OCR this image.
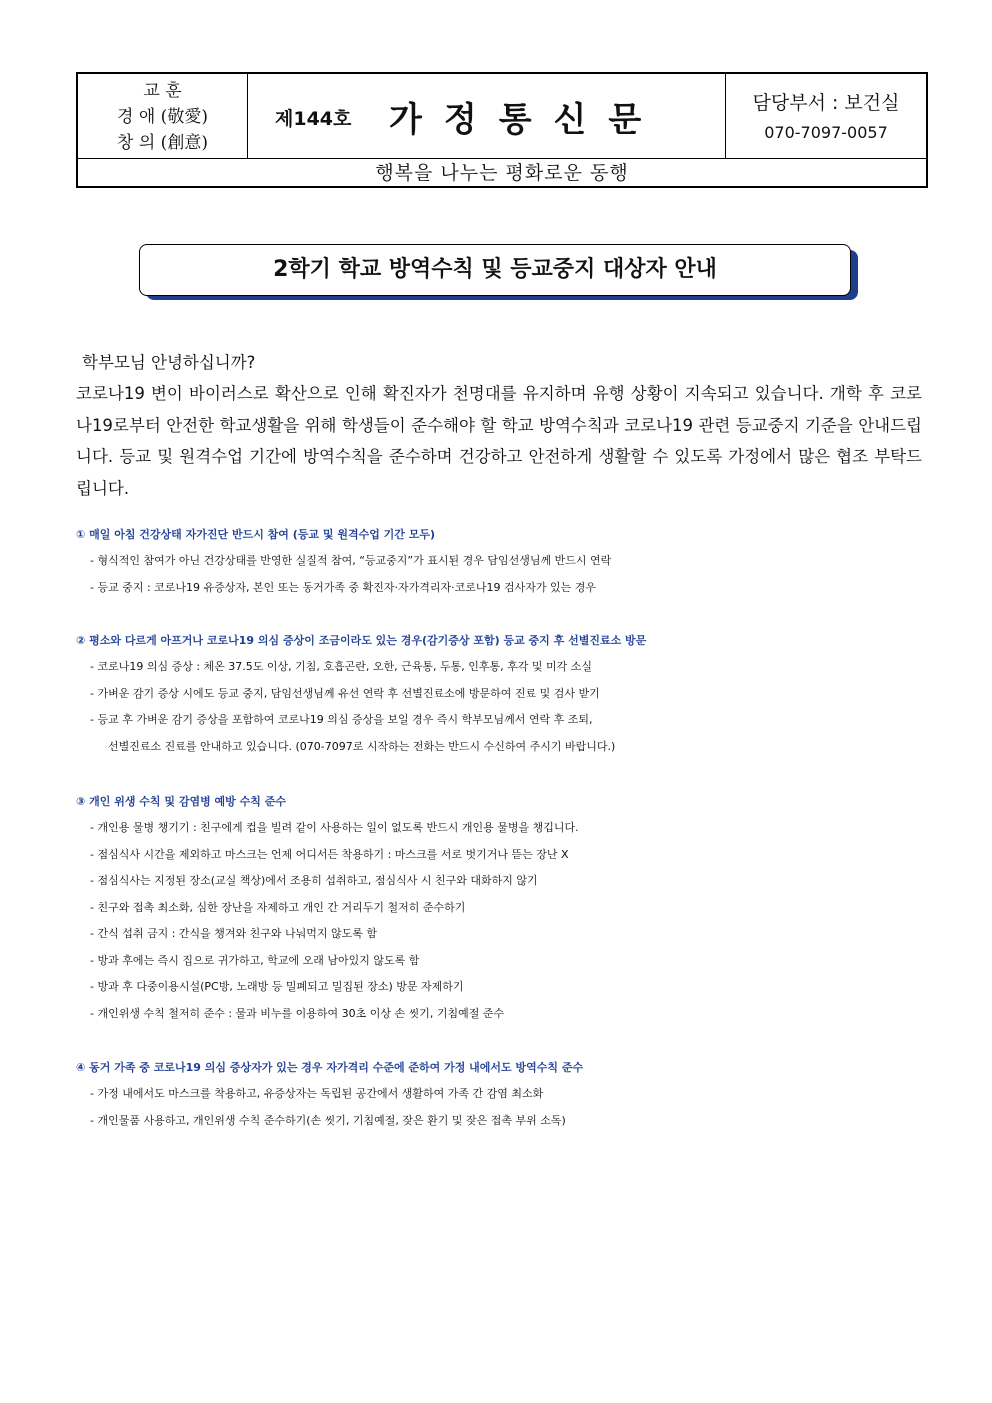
교 훈
경 애 (敬愛)
창 의 (創意)
제144호 가정통신문	담당부서 : 보건실
070-7097-0057
행복을 나누는 평화로운 동행
2학기 학교 방역수칙 및 등교중지 대상자 안내
학부모님 안녕하십니까?
코로나19 변이 바이러스로 확산으로 인해 확진자가 천명대를 유지하며 유행 상황이 지속되고 있습니다. 개학 후 코로나19로부터 안전한 학교생활을 위해 학생들이 준수해야 할 학교 방역수칙과 코로나19 관련 등교중지 기준을 안내드립니다. 등교 및 원격수업 기간에 방역수칙을 준수하며 건강하고 안전하게 생활할 수 있도록 가정에서 많은 협조 부탁드립니다.
① 매일 아침 건강상태 자가진단 반드시 참여 (등교 및 원격수업 기간 모두)
- 형식적인 참여가 아닌 건강상태를 반영한 실질적 참여, “등교중지”가 표시된 경우 담임선생님께 반드시 연락
- 등교 중지 : 코로나19 유증상자, 본인 또는 동거가족 중 확진자·자가격리자·코로나19 검사자가 있는 경우
② 평소와 다르게 아프거나 코로나19 의심 증상이 조금이라도 있는 경우(감기증상 포함) 등교 중지 후 선별진료소 방문
- 코로나19 의심 증상 : 체온 37.5도 이상, 기침, 호흡곤란, 오한, 근육통, 두통, 인후통, 후각 및 미각 소실
- 가벼운 감기 증상 시에도 등교 중지, 담임선생님께 유선 연락 후 선별진료소에 방문하여 진료 및 검사 받기
- 등교 후 가벼운 감기 증상을 포함하여 코로나19 의심 증상을 보일 경우 즉시 학부모님께서 연락 후 조퇴,
선별진료소 진료를 안내하고 있습니다. (070-7097로 시작하는 전화는 반드시 수신하여 주시기 바랍니다.)
③ 개인 위생 수칙 및 감염병 예방 수칙 준수
- 개인용 물병 챙기기 : 친구에게 컵을 빌려 같이 사용하는 일이 없도록 반드시 개인용 물병을 챙깁니다.
- 점심식사 시간을 제외하고 마스크는 언제 어디서든 착용하기 : 마스크를 서로 벗기거나 뜯는 장난 X
- 점심식사는 지정된 장소(교실 책상)에서 조용히 섭취하고, 점심식사 시 친구와 대화하지 않기
- 친구와 접촉 최소화, 심한 장난을 자제하고 개인 간 거리두기 철저히 준수하기
- 간식 섭취 금지 : 간식을 챙겨와 친구와 나눠먹지 않도록 함
- 방과 후에는 즉시 집으로 귀가하고, 학교에 오래 남아있지 않도록 함
- 방과 후 다중이용시설(PC방, 노래방 등 밀폐되고 밀집된 장소) 방문 자제하기
- 개인위생 수칙 철저히 준수 : 물과 비누를 이용하여 30초 이상 손 씻기, 기침예절 준수
④ 동거 가족 중 코로나19 의심 증상자가 있는 경우 자가격리 수준에 준하여 가정 내에서도 방역수칙 준수
- 가정 내에서도 마스크를 착용하고, 유증상자는 독립된 공간에서 생활하여 가족 간 감염 최소화
- 개인물품 사용하고, 개인위생 수칙 준수하기(손 씻기, 기침예절, 잦은 환기 및 잦은 접촉 부위 소독)
